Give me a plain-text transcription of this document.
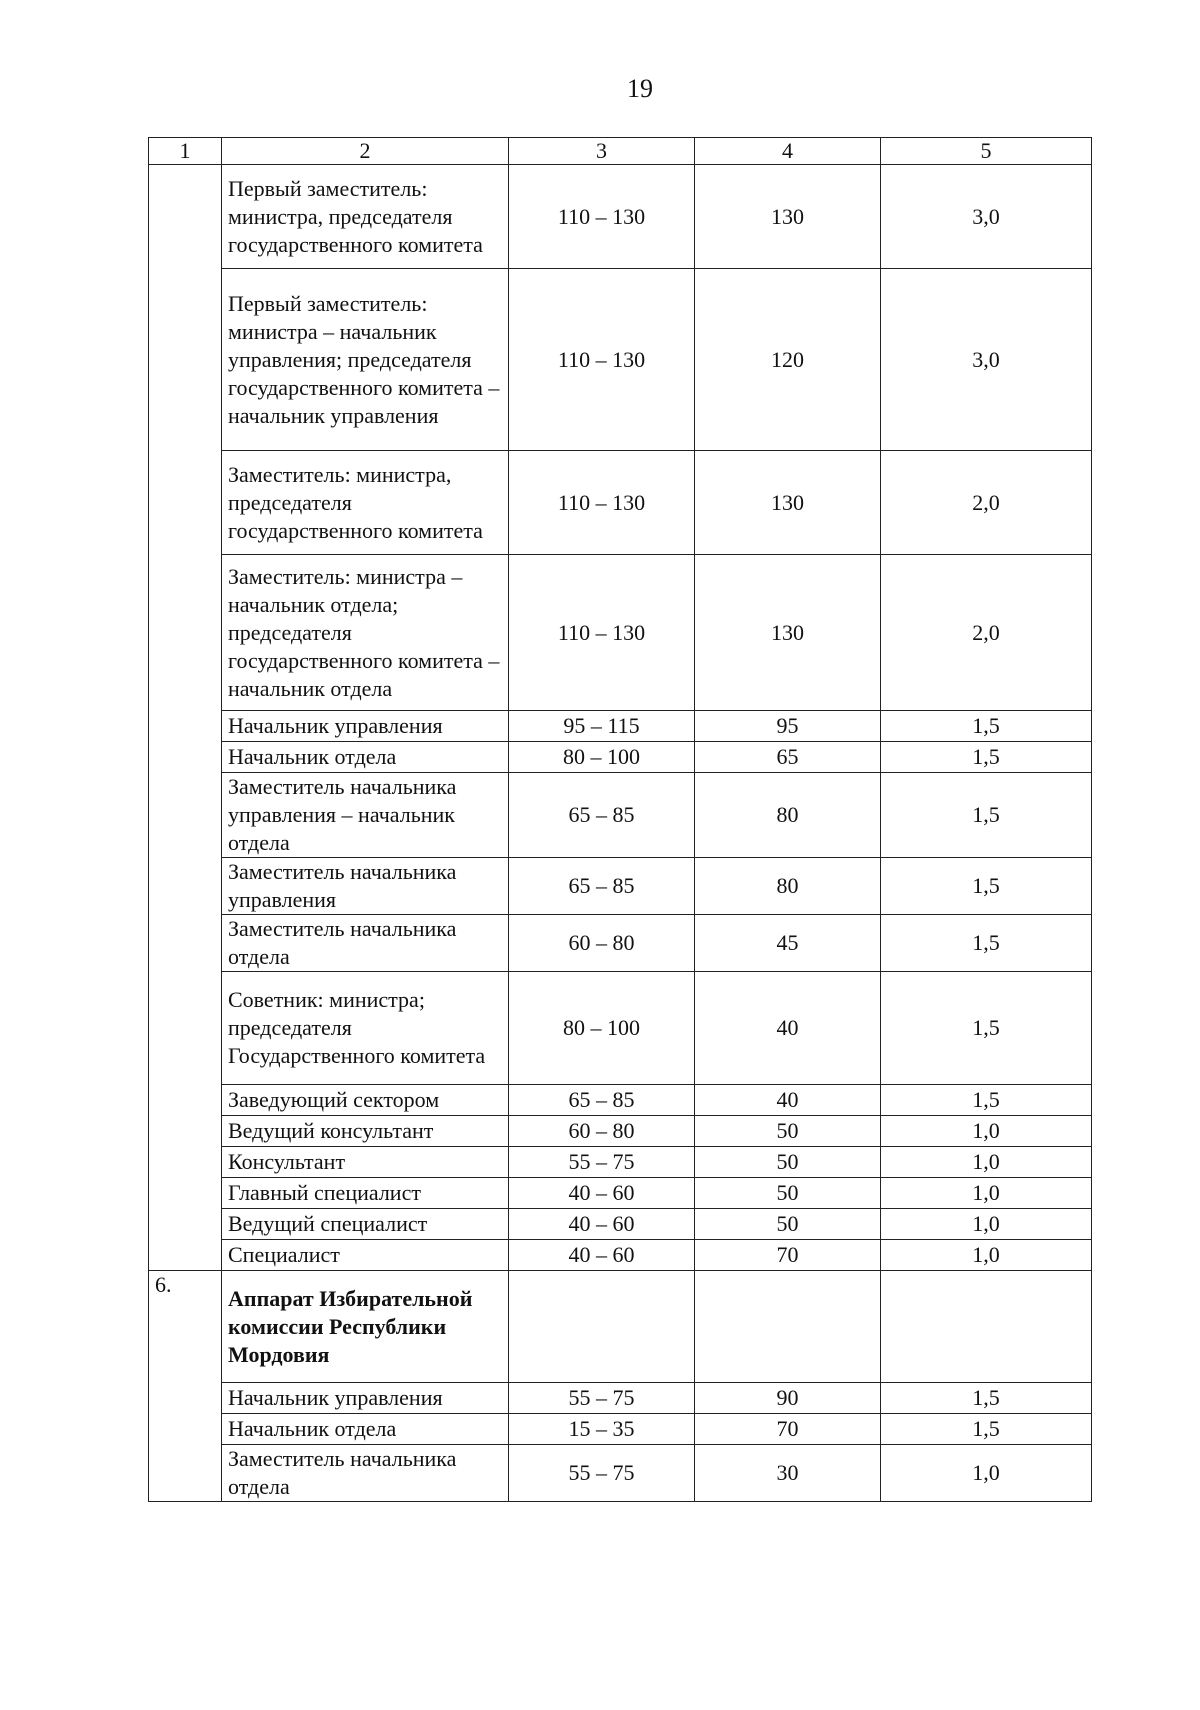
19
1	2	3	4	5
	Первый заместитель: министра, председателя государственного комитета	110 – 130	130	3,0
	Первый заместитель: министра – начальник управления; председателя государственного комитета – начальник управления	110 – 130	120	3,0
	Заместитель: министра, председателя государственного комитета	110 – 130	130	2,0
	Заместитель: министра – начальник отдела; председателя государственного комитета – начальник отдела	110 – 130	130	2,0
	Начальник управления	95 – 115	95	1,5
	Начальник отдела	80 – 100	65	1,5
	Заместитель начальника управления – начальник отдела	65 – 85	80	1,5
	Заместитель начальника управления	65 – 85	80	1,5
	Заместитель начальника отдела	60 – 80	45	1,5
	Советник: министра; председателя Государственного комитета	80 – 100	40	1,5
	Заведующий сектором	65 – 85	40	1,5
	Ведущий консультант	60 – 80	50	1,0
	Консультант	55 – 75	50	1,0
	Главный специалист	40 – 60	50	1,0
	Ведущий специалист	40 – 60	50	1,0
	Специалист	40 – 60	70	1,0
6.	Аппарат Избирательной комиссии Республики Мордовия			
	Начальник управления	55 – 75	90	1,5
	Начальник отдела	15 – 35	70	1,5
	Заместитель начальника отдела	55 – 75	30	1,0
